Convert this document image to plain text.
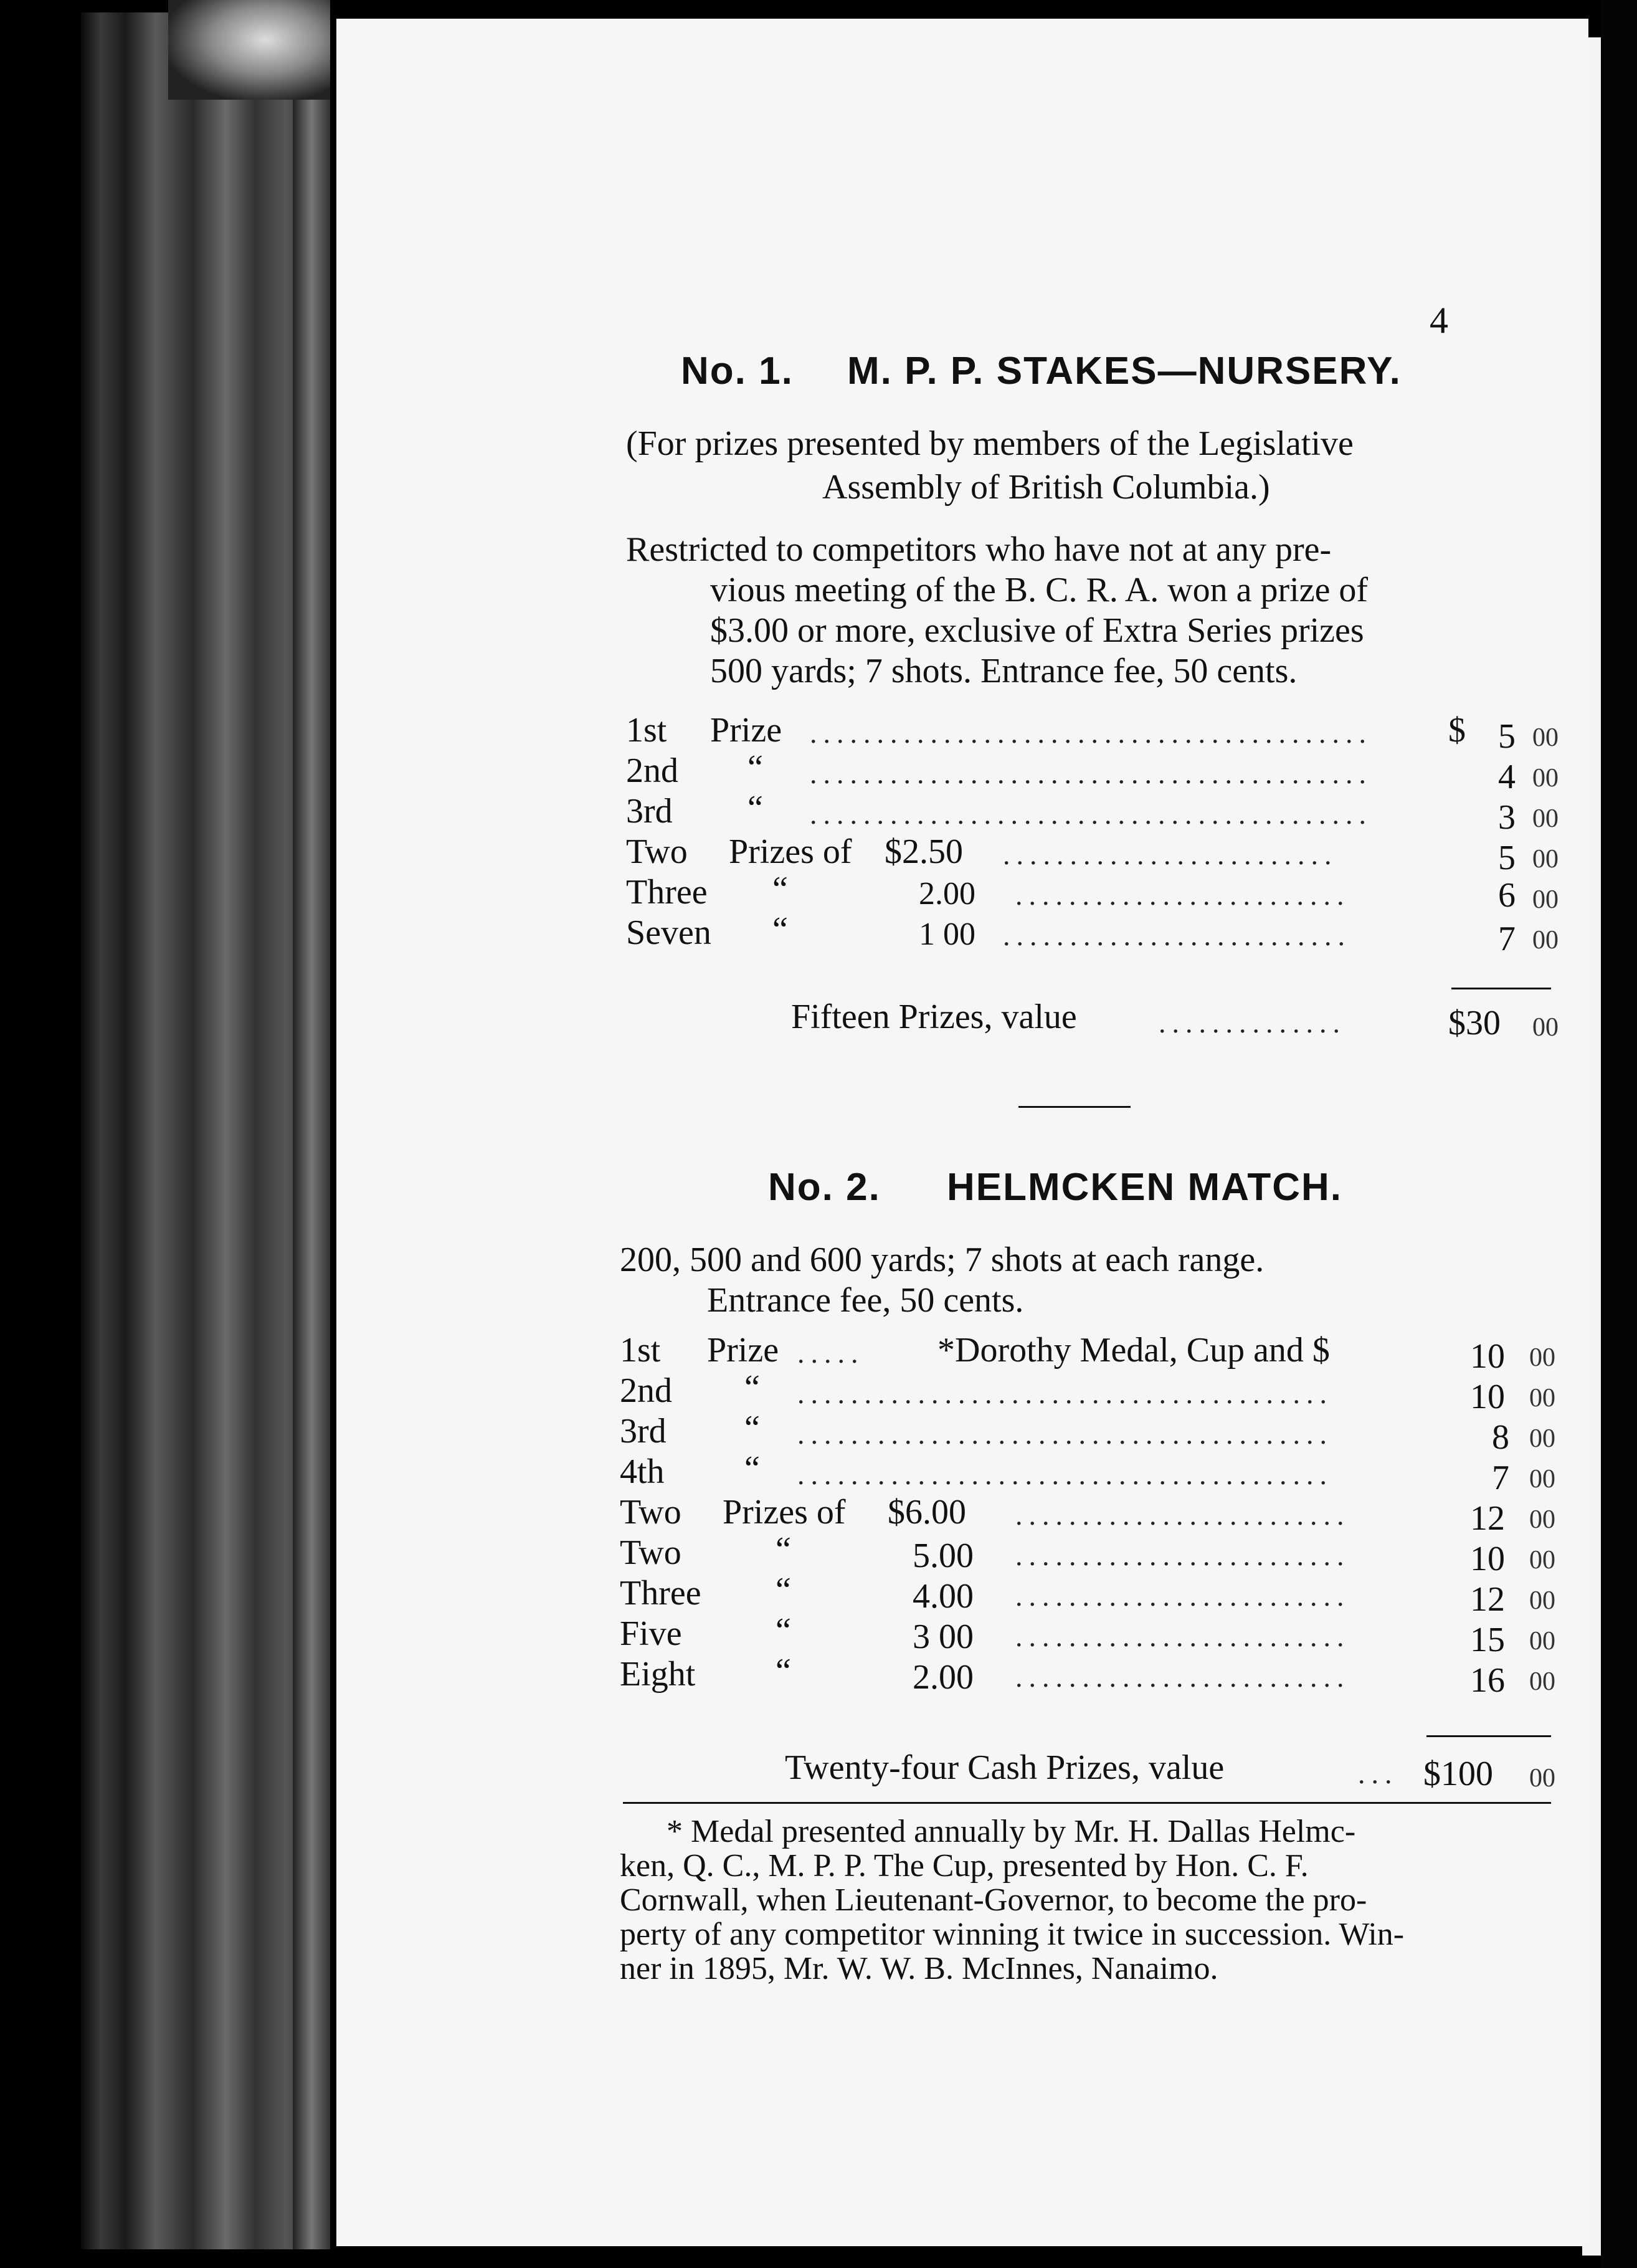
4
No. 1. M. P. P. STAKES—NURSERY.
(For prizes presented by members of the Legislative
Assembly of British Columbia.)
Restricted to competitors who have not at any pre-
vious meeting of the B. C. R. A. won a prize of
$3.00 or more, exclusive of Extra Series prizes
500 yards; 7 shots. Entrance fee, 50 cents.
1st Prize .......................................... $ 5 00
2nd “ ..........................................	4 00
3rd “ ..........................................	3 00
Two Prizes of $2.50 .........................	5 00
Three “	2.00 .........................	6 00
Seven “	1 00 ..........................	7 00
Fifteen Prizes, value	..............	$30 00
No. 2. HELMCKEN MATCH.
200, 500 and 600 yards; 7 shots at each range.
Entrance fee, 50 cents.
1st Prize ..... *Dorothy Medal, Cup and $	10 00
2nd “ ........................................	10 00
3rd “ ........................................	8 00
4th “ ........................................	7 00
Two Prizes of $6.00 .........................	12 00
Two	“	5.00 .........................	10 00
Three “	4.00 .........................	12 00
Five	“	3 00 .........................	15 00
Eight “	2.00 .........................	16 00
Twenty-four Cash Prizes, value	... $100 00
* Medal presented annually by Mr. H. Dallas Helmc-
ken, Q. C., M. P. P. The Cup, presented by Hon. C. F.
Cornwall, when Lieutenant-Governor, to become the pro-
perty of any competitor winning it twice in succession. Win-
ner in 1895, Mr. W. W. B. McInnes, Nanaimo.
